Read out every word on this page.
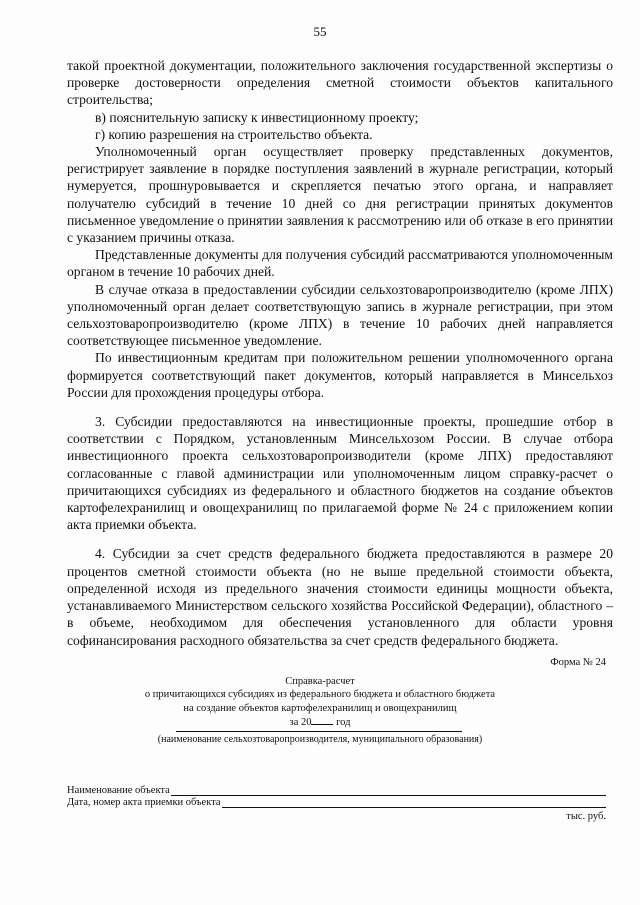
55

такой проектной документации, положительного заключения государственной экспертизы о проверке достоверности определения сметной стоимости объектов капитального строительства;

в) пояснительную записку к инвестиционному проекту;

г) копию разрешения на строительство объекта.

Уполномоченный орган осуществляет проверку представленных документов, регистрирует заявление в порядке поступления заявлений в журнале регистрации, который нумеруется, прошнуровывается и скрепляется печатью этого органа, и направляет получателю субсидий в течение 10 дней со дня регистрации принятых документов письменное уведомление о принятии заявления к рассмотрению или об отказе в его принятии с указанием причины отказа.

Представленные документы для получения субсидий рассматриваются уполномоченным органом в течение 10 рабочих дней.

В случае отказа в предоставлении субсидии сельхозтоваропроизводителю (кроме ЛПХ) уполномоченный орган делает соответствующую запись в журнале регистрации, при этом сельхозтоваропроизводителю (кроме ЛПХ) в течение 10 рабочих дней направляется соответствующее письменное уведомление.

По инвестиционным кредитам при положительном решении уполномоченного органа формируется соответствующий пакет документов, который направляется в Минсельхоз России для прохождения процедуры отбора.

3. Субсидии предоставляются на инвестиционные проекты, прошедшие отбор в соответствии с Порядком, установленным Минсельхозом России. В случае отбора инвестиционного проекта сельхозтоваропроизводители (кроме ЛПХ) предоставляют согласованные с главой администрации или уполномоченным лицом справку-расчет о причитающихся субсидиях из федерального и областного бюджетов на создание объектов картофелехранилищ и овощехранилищ по прилагаемой форме № 24 с приложением копии акта приемки объекта.

4. Субсидии за счет средств федерального бюджета предоставляются в размере 20 процентов сметной стоимости объекта (но не выше предельной стоимости объекта, определенной исходя из предельного значения стоимости единицы мощности объекта, устанавливаемого Министерством сельского хозяйства Российской Федерации), областного – в объеме, необходимом для обеспечения установленного для области уровня софинансирования расходного обязательства за счет средств федерального бюджета.

Форма № 24
Справка-расчет
о причитающихся субсидиях из федерального бюджета и областного бюджета
на создание объектов картофелехранилищ и овощехранилищ
за 20 год
(наименование сельхозтоваропроизводителя, муниципального образования)
Наименование объекта
Дата, номер акта приемки объекта
тыс. руб.
